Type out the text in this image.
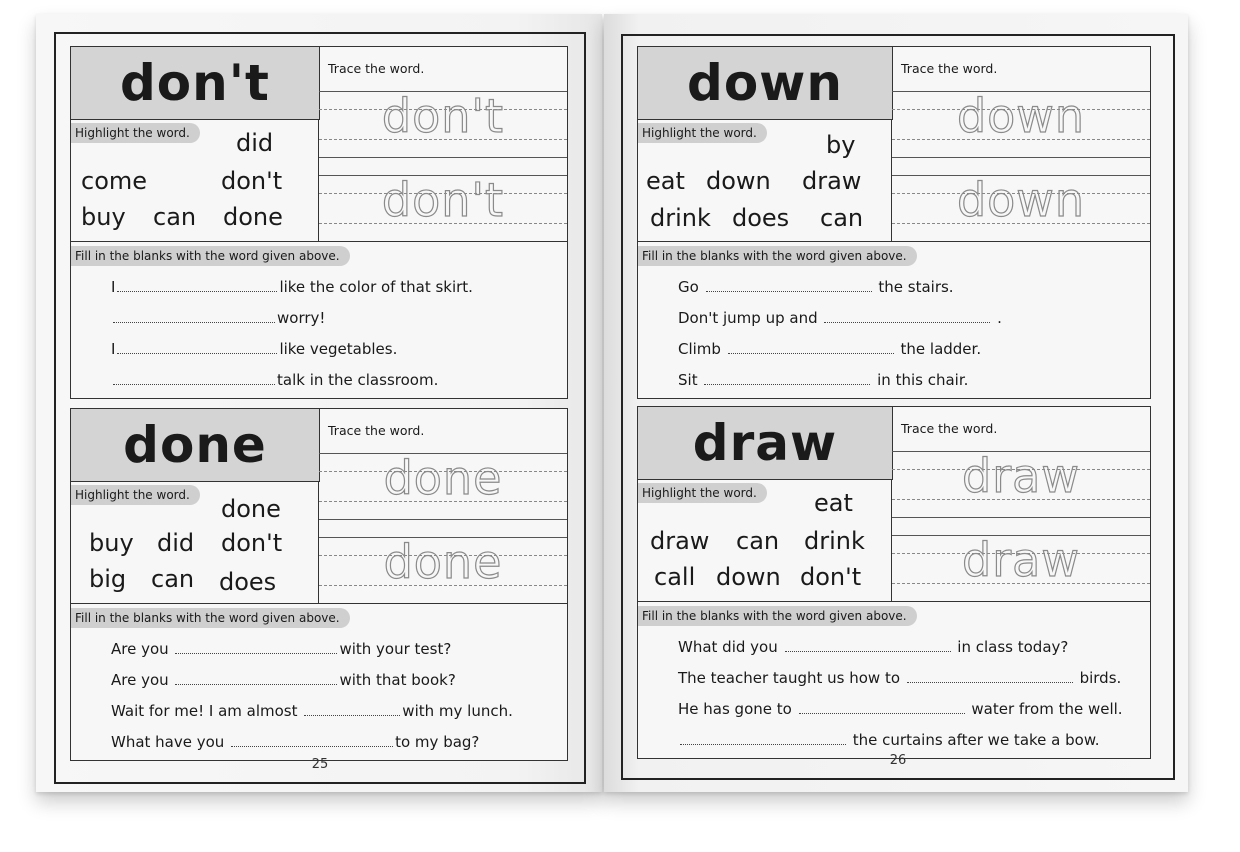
don't
Highlight the word.	did
come	don't
buy can done
Trace the word.
don't
don't
Fill in the blanks with the word given above.
I	like the color of that skirt.
worry!
I	like vegetables.
talk in the classroom.
done
Highlight the word.	done
buy did don't
big can does
Trace the word.
done
done
Fill in the blanks with the word given above.
Are you	with your test?
Are you	with that book?
Wait for me! I am almost	with my lunch.
What have you	to my bag?
25
down
Highlight the word.	by
eat down draw
drink does can
Trace the word.
down
down
Fill in the blanks with the word given above.
Go	the stairs.
Don't jump up and	.
Climb	the ladder.
Sit	in this chair.
draw
Highlight the word.	eat
draw can drink
call down don't
Trace the word.
draw
draw
Fill in the blanks with the word given above.
What did you	in class today?
The teacher taught us how to	birds.
He has gone to	water from the well.
the curtains after we take a bow.
26
